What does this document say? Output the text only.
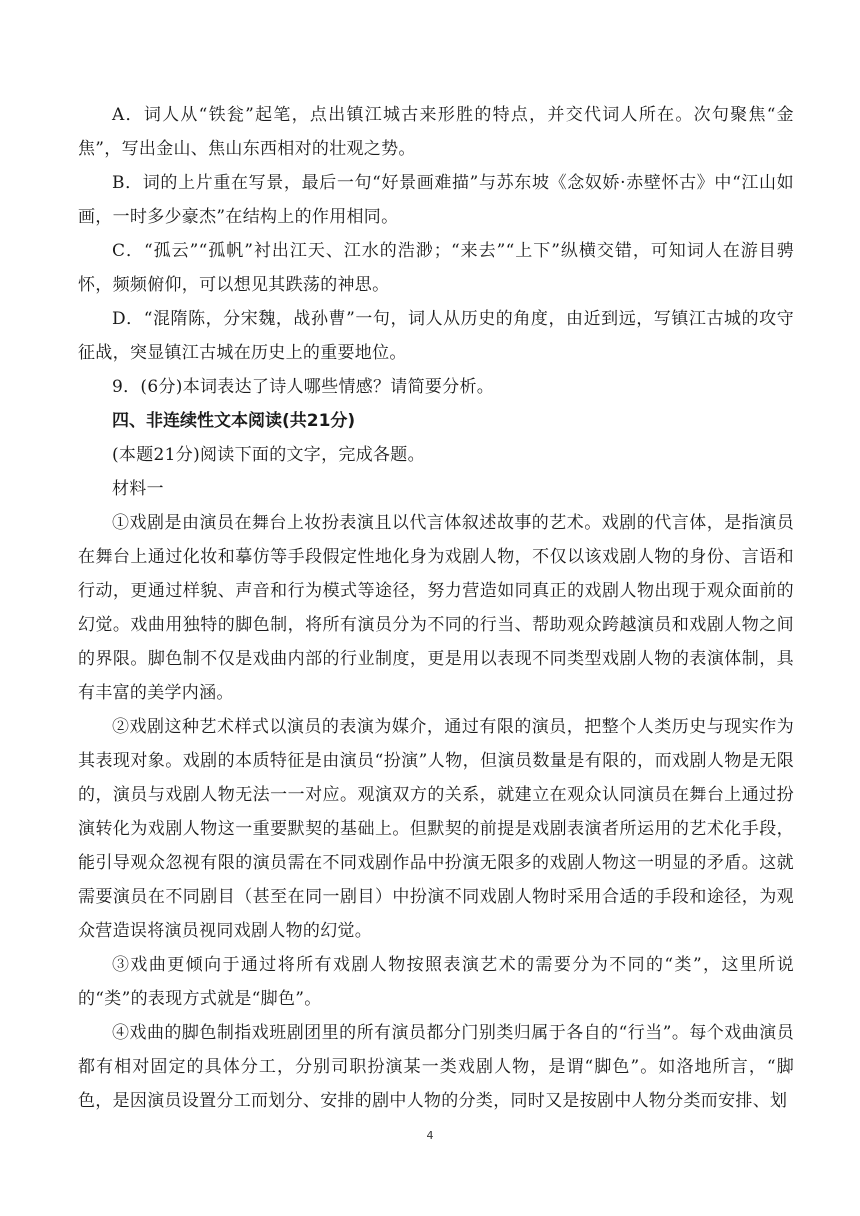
A．词人从“铁瓮”起笔，点出镇江城古来形胜的特点，并交代词人所在。次句聚焦“金焦”，写出金山、焦山东西相对的壮观之势。

B．词的上片重在写景，最后一句“好景画难描”与苏东坡《念奴娇·赤壁怀古》中“江山如画，一时多少豪杰”在结构上的作用相同。

C．“孤云”“孤帆”衬出江天、江水的浩渺；“来去”“上下”纵横交错，可知词人在游目骋怀，频频俯仰，可以想见其跌荡的神思。

D．“混隋陈，分宋魏，战孙曹”一句，词人从历史的角度，由近到远，写镇江古城的攻守征战，突显镇江古城在历史上的重要地位。

9．(6分)本词表达了诗人哪些情感？请简要分析。

四、非连续性文本阅读(共21分)

(本题21分)阅读下面的文字，完成各题。

材料一

①戏剧是由演员在舞台上妆扮表演且以代言体叙述故事的艺术。戏剧的代言体，是指演员在舞台上通过化妆和摹仿等手段假定性地化身为戏剧人物，不仅以该戏剧人物的身份、言语和行动，更通过样貌、声音和行为模式等途径，努力营造如同真正的戏剧人物出现于观众面前的幻觉。戏曲用独特的脚色制，将所有演员分为不同的行当、帮助观众跨越演员和戏剧人物之间的界限。脚色制不仅是戏曲内部的行业制度，更是用以表现不同类型戏剧人物的表演体制，具有丰富的美学内涵。

②戏剧这种艺术样式以演员的表演为媒介，通过有限的演员，把整个人类历史与现实作为其表现对象。戏剧的本质特征是由演员“扮演”人物，但演员数量是有限的，而戏剧人物是无限的，演员与戏剧人物无法一一对应。观演双方的关系，就建立在观众认同演员在舞台上通过扮演转化为戏剧人物这一重要默契的基础上。但默契的前提是戏剧表演者所运用的艺术化手段，能引导观众忽视有限的演员需在不同戏剧作品中扮演无限多的戏剧人物这一明显的矛盾。这就需要演员在不同剧目（甚至在同一剧目）中扮演不同戏剧人物时采用合适的手段和途径，为观众营造误将演员视同戏剧人物的幻觉。

③戏曲更倾向于通过将所有戏剧人物按照表演艺术的需要分为不同的“类”，这里所说的“类”的表现方式就是“脚色”。

④戏曲的脚色制指戏班剧团里的所有演员都分门别类归属于各自的“行当”。每个戏曲演员都有相对固定的具体分工，分别司职扮演某一类戏剧人物，是谓“脚色”。如洛地所言，“脚色，是因演员设置分工而划分、安排的剧中人物的分类，同时又是按剧中人物分类而安排、划

4
